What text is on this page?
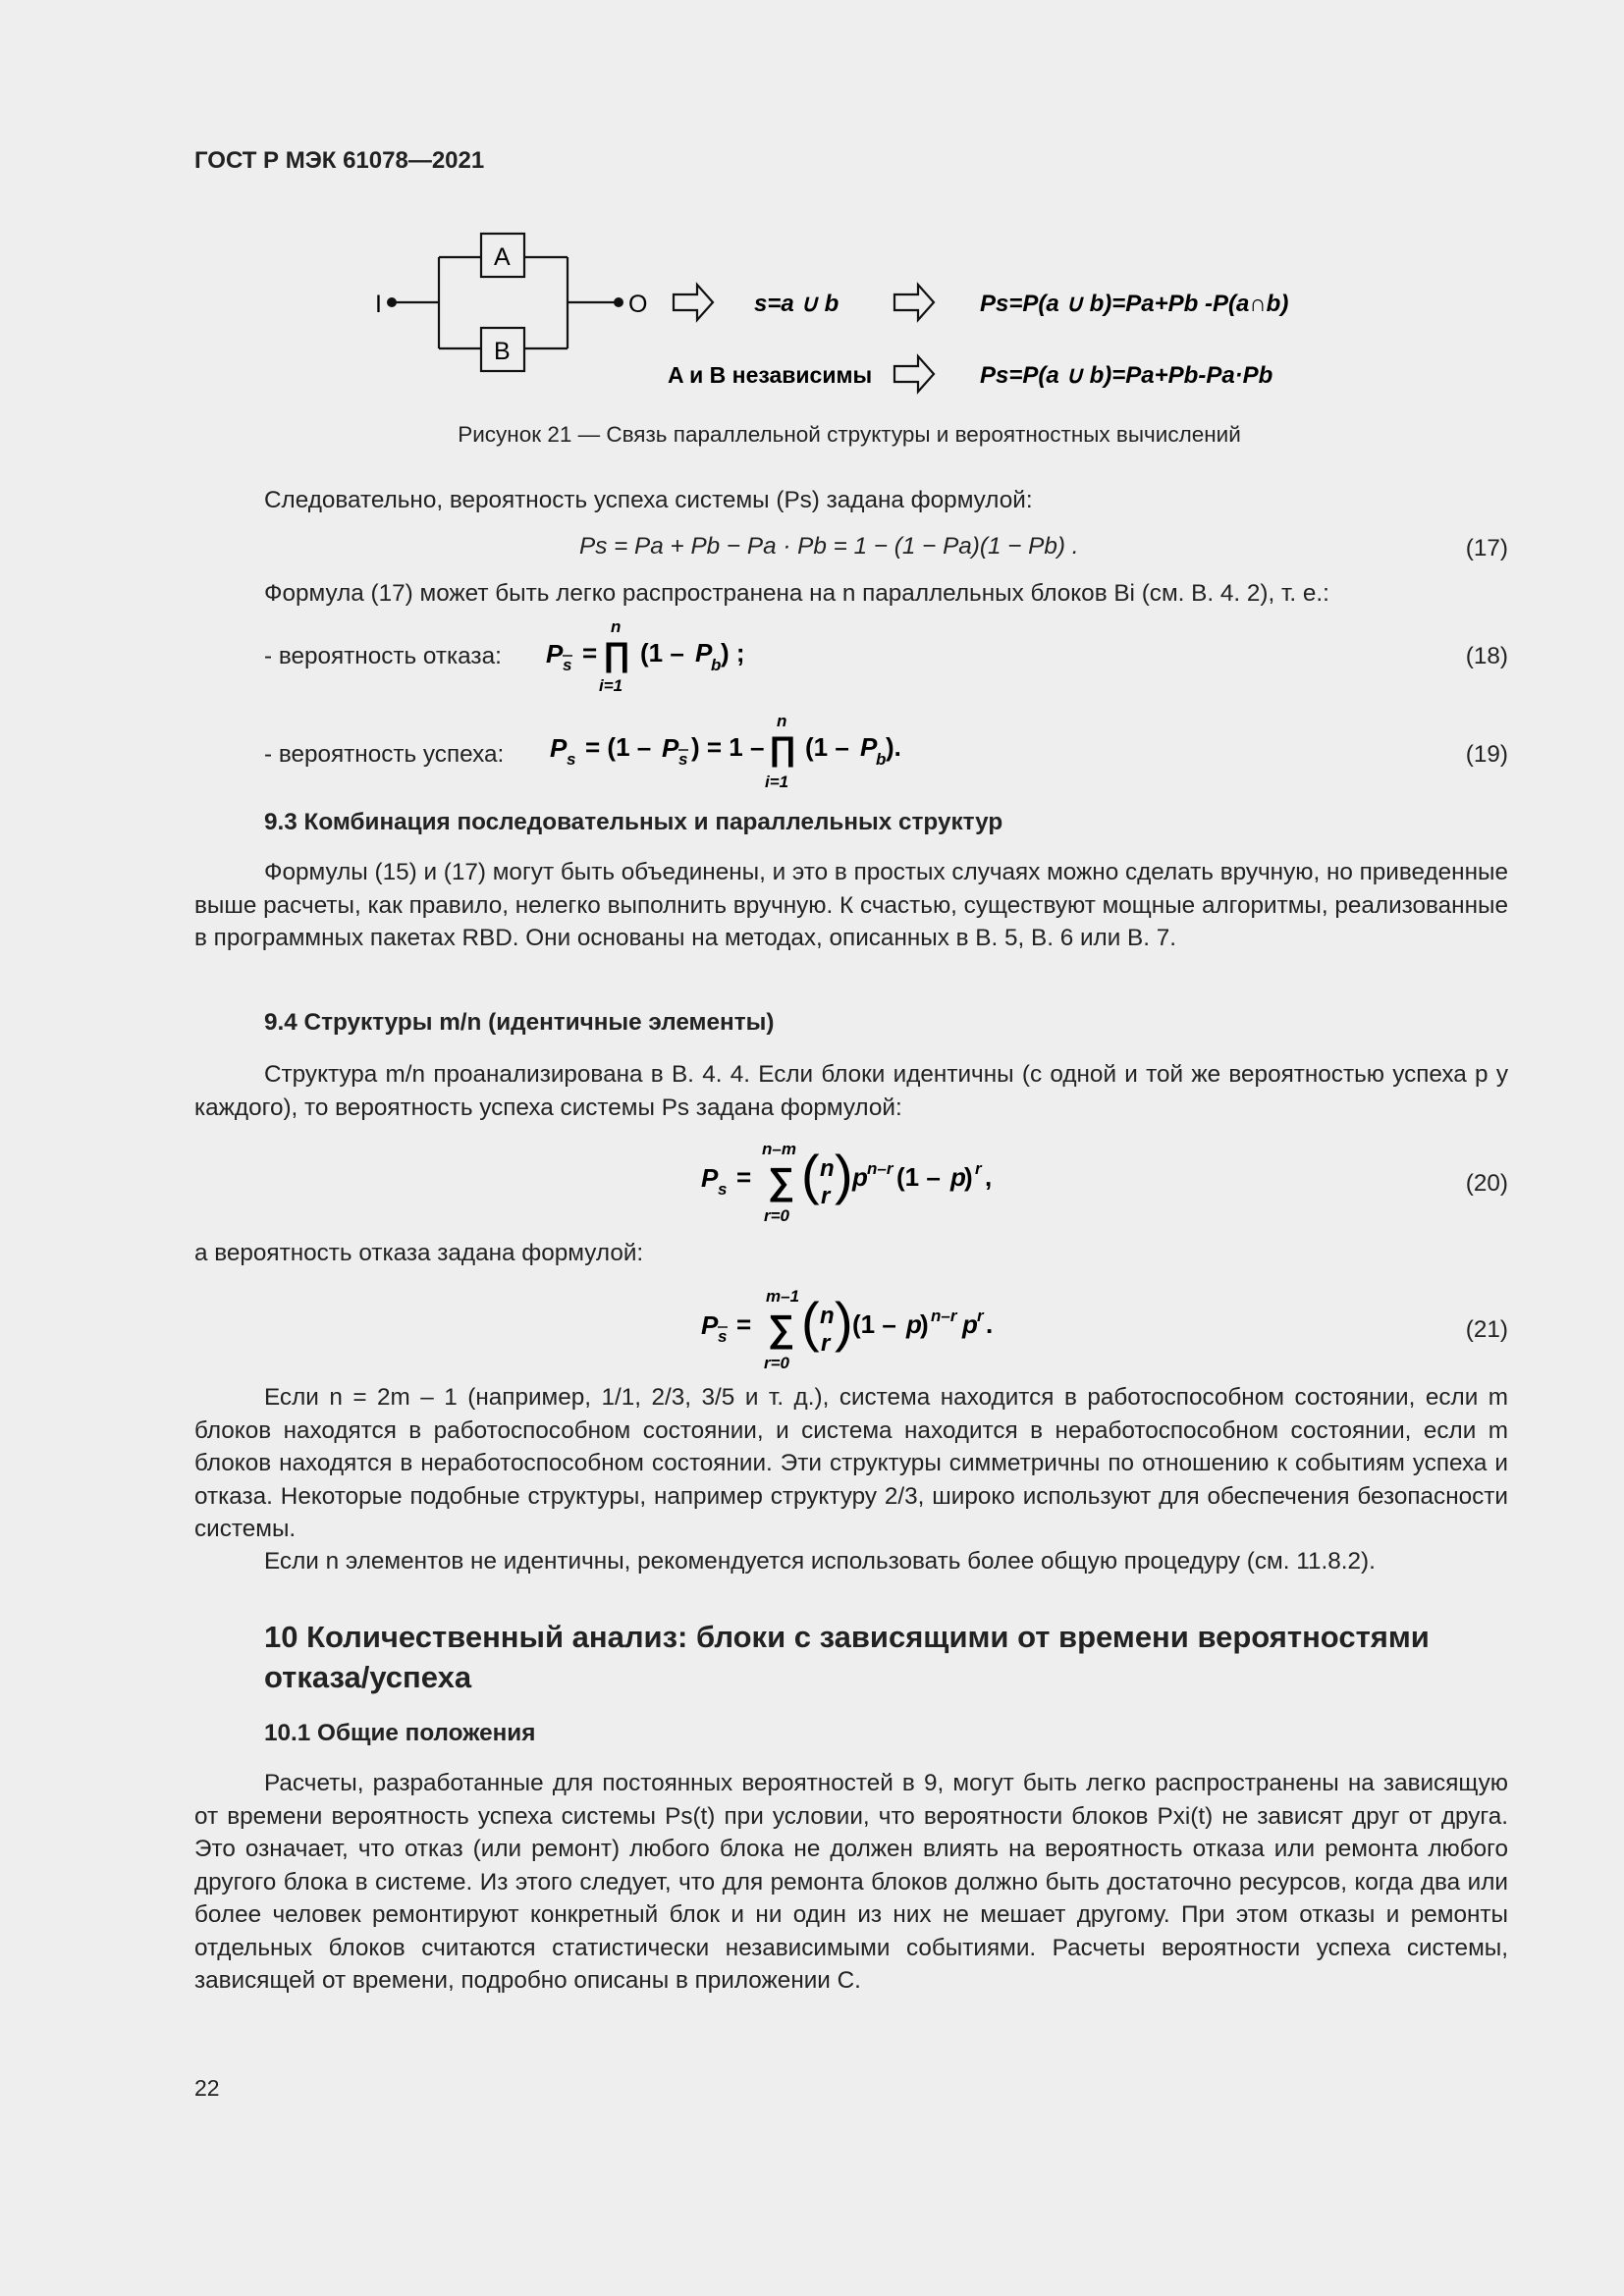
ГОСТ Р МЭК 61078—2021
I	O
A
B
s=a ∪ b	Ps=P(a ∪ b)=Pa+Pb -P(a∩b)
A и B независимы	Ps=P(a ∪ b)=Pa+Pb-Pa·Pb
Рисунок 21 — Связь параллельной структуры и вероятностных вычислений

Следовательно, вероятность успеха системы (Ps) задана формулой:

Ps = Pa + Pb − Pa · Pb = 1 − (1 − Pa)(1 − Pb) .	(17)

Формула (17) может быть легко распространена на n параллельных блоков Bi (см. В. 4. 2), т. е.:

- вероятность отказа: P s =
n
∏
i=1
(1 – P
b ) ;	(18)
- вероятность успеха: P s = (1 – P s ) = 1 –
n
∏
i=1
(1 – P
b ).	(19)
9.3 Комбинация последовательных и параллельных структур

Формулы (15) и (17) могут быть объединены, и это в простых случаях можно сделать вручную, но приведенные выше расчеты, как правило, нелегко выполнить вручную. К счастью, существуют мощные алгоритмы, реализованные в программных пакетах RBD. Они основаны на методах, описанных в В. 5, В. 6 или В. 7.

9.4 Структуры m/n (идентичные элементы)

Структура m/n проанализирована в В. 4. 4. Если блоки идентичны (с одной и той же вероятностью успеха p у каждого), то вероятность успеха системы Ps задана формулой:

P s =
n–m
∑
r=0
( n
r ) p n–r (1 – p
) r ,	(20)

а вероятность отказа задана формулой:

P s =
m–1
∑
r=0
( n
r ) (1 – p
) n–r p r .	(21)

Если n = 2m – 1 (например, 1/1, 2/3, 3/5 и т. д.), система находится в работоспособном состоянии, если m блоков находятся в работоспособном состоянии, и система находится в неработоспособном состоянии, если m блоков находятся в неработоспособном состоянии. Эти структуры симметричны по отношению к событиям успеха и отказа. Некоторые подобные структуры, например структуру 2/3, широко используют для обеспечения безопасности системы.

Если n элементов не идентичны, рекомендуется использовать более общую процедуру (см. 11.8.2).

10 Количественный анализ: блоки с зависящими от времени вероятностями отказа/успеха
10.1 Общие положения

Расчеты, разработанные для постоянных вероятностей в 9, могут быть легко распространены на зависящую от времени вероятность успеха системы Ps(t) при условии, что вероятности блоков Pxi(t) не зависят друг от друга. Это означает, что отказ (или ремонт) любого блока не должен влиять на вероятность отказа или ремонта любого другого блока в системе. Из этого следует, что для ремонта блоков должно быть достаточно ресурсов, когда два или более человек ремонтируют конкретный блок и ни один из них не мешает другому. При этом отказы и ремонты отдельных блоков считаются статистически независимыми событиями. Расчеты вероятности успеха системы, зависящей от времени, подробно описаны в приложении С.

22
